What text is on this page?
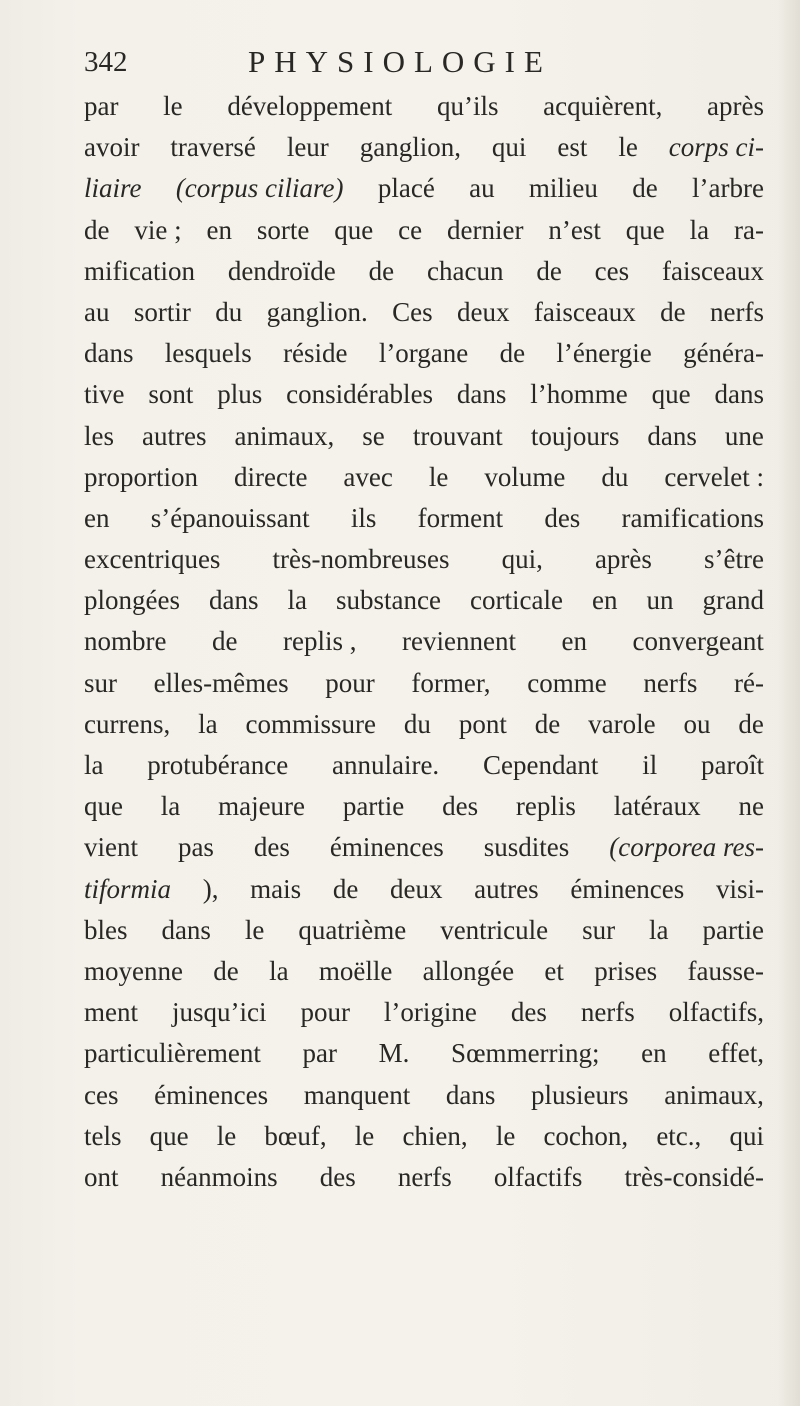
342	PHYSIOLOGIE
par le développement qu’ils acquièrent, après
avoir traversé leur ganglion, qui est le corps ci-
liaire (corpus ciliare) placé au milieu de l’arbre
de vie ; en sorte que ce dernier n’est que la ra-
mification dendroïde de chacun de ces faisceaux
au sortir du ganglion. Ces deux faisceaux de nerfs
dans lesquels réside l’organe de l’énergie généra-
tive sont plus considérables dans l’homme que dans
les autres animaux, se trouvant toujours dans une
proportion directe avec le volume du cervelet :
en s’épanouissant ils forment des ramifications
excentriques très-nombreuses qui, après s’être
plongées dans la substance corticale en un grand
nombre de replis , reviennent en convergeant
sur elles-mêmes pour former, comme nerfs ré-
currens, la commissure du pont de varole ou de
la protubérance annulaire. Cependant il paroît
que la majeure partie des replis latéraux ne
vient pas des éminences susdites (corporea res-
tiformia ), mais de deux autres éminences visi-
bles dans le quatrième ventricule sur la partie
moyenne de la moëlle allongée et prises fausse-
ment jusqu’ici pour l’origine des nerfs olfactifs,
particulièrement par M. Sœmmerring; en effet,
ces éminences manquent dans plusieurs animaux,
tels que le bœuf, le chien, le cochon, etc., qui
ont néanmoins des nerfs olfactifs très-considé-
